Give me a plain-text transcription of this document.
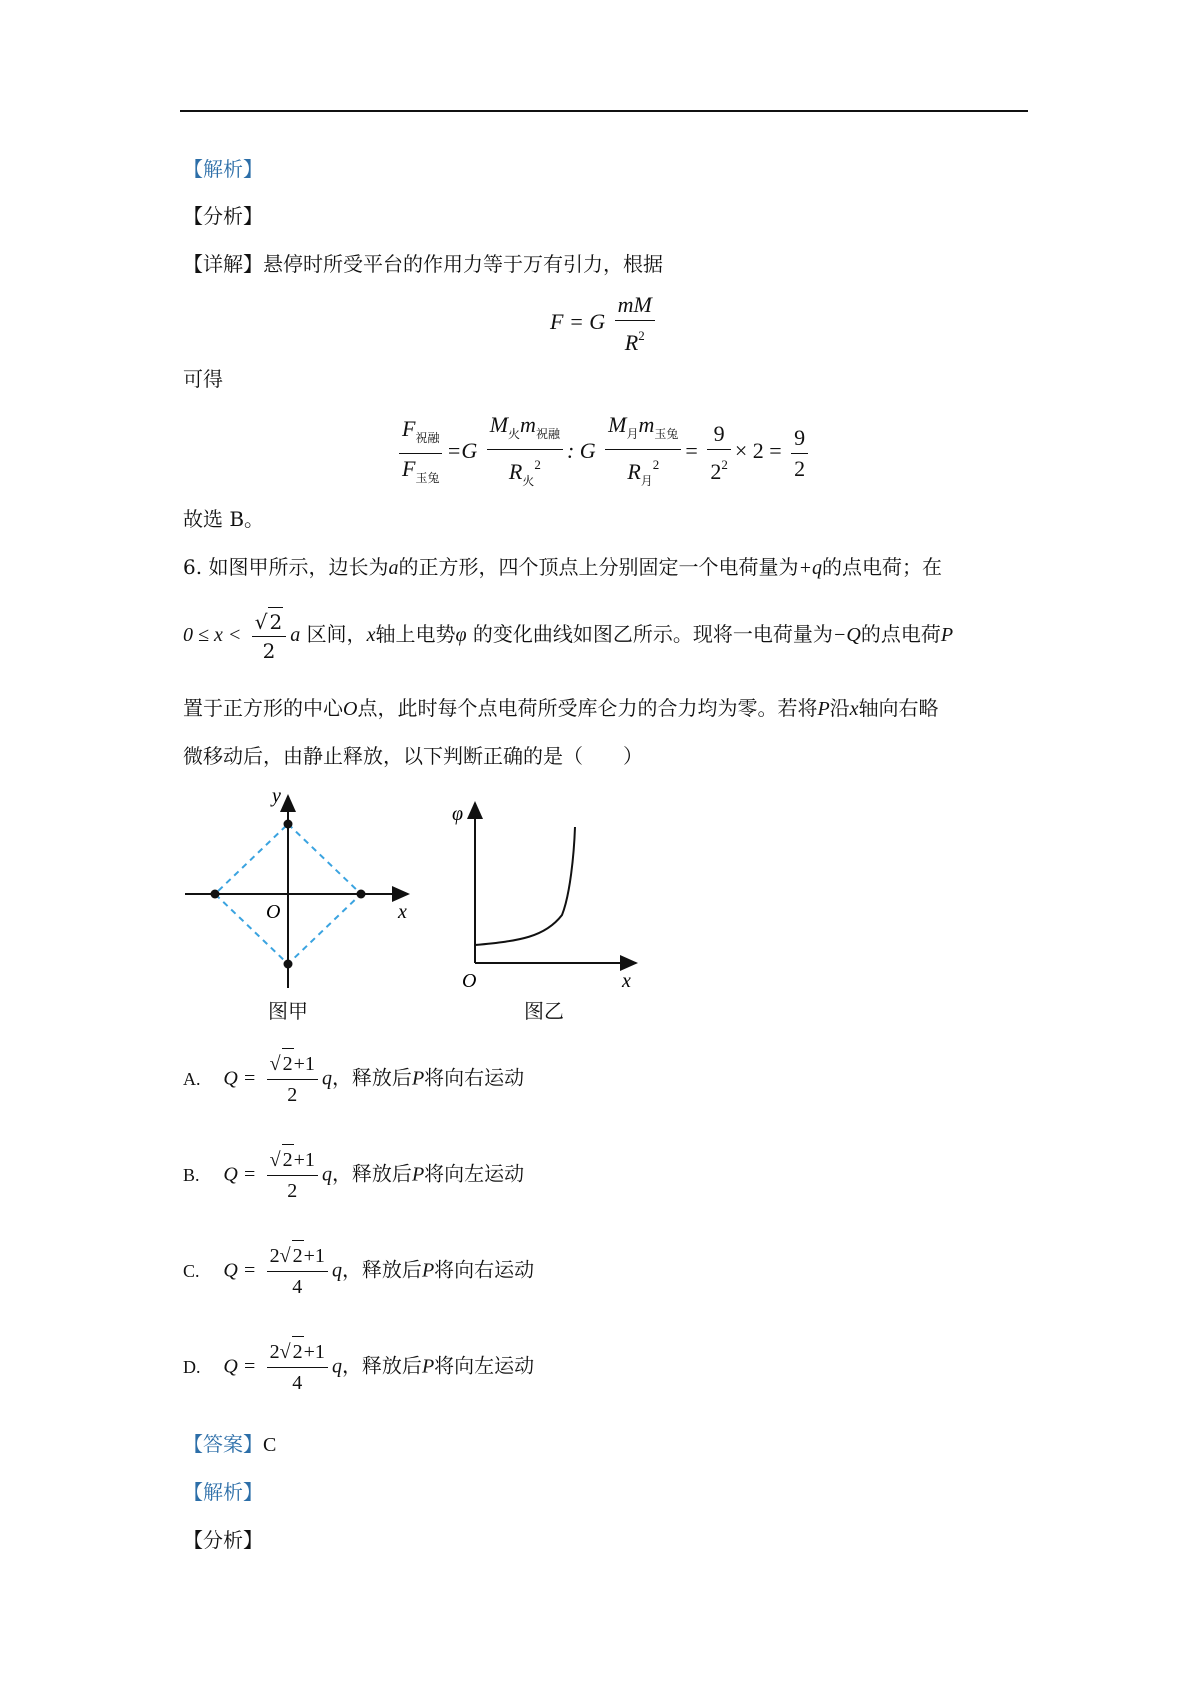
【解析】
【分析】
【详解】悬停时所受平台的作用力等于万有引力，根据
F = G $\frac{mM}{R^2}$
可得
$\frac{F_{祝融}}{F_{玉兔}} =G \frac{M_火m_{祝融}}{R_火^2}$ : G $\frac{M_月m_{玉兔}}{R_月^2} = \frac{9}{2^2} \times 2 = \frac{9}{2}$
故选 B。
6. 如图甲所示，边长为a的正方形，四个顶点上分别固定一个电荷量为+q的点电荷；在
$0 \le x < \frac{√ 2}{2}$ a 区间，x轴上电势φ 的变化曲线如图乙所示。现将一电荷量为−Q的点电荷P
置于正方形的中心O点，此时每个点电荷所受库仑力的合力均为零。若将P沿x轴向右略
微移动后，由静止释放，以下判断正确的是（　　）
y
x
O
图甲
φ
x
O
图乙
A. $Q = \frac{√ 2+1}{2}$ q，释放后P将向右运动
B. $Q = \frac{√ 2+1}{2}$ q，释放后P将向左运动
C. $Q = \frac{2√ 2+1}{4}$ q，释放后P将向右运动
D. $Q = \frac{2√ 2+1}{4}$ q，释放后P将向左运动
【答案】C
【解析】
【分析】
